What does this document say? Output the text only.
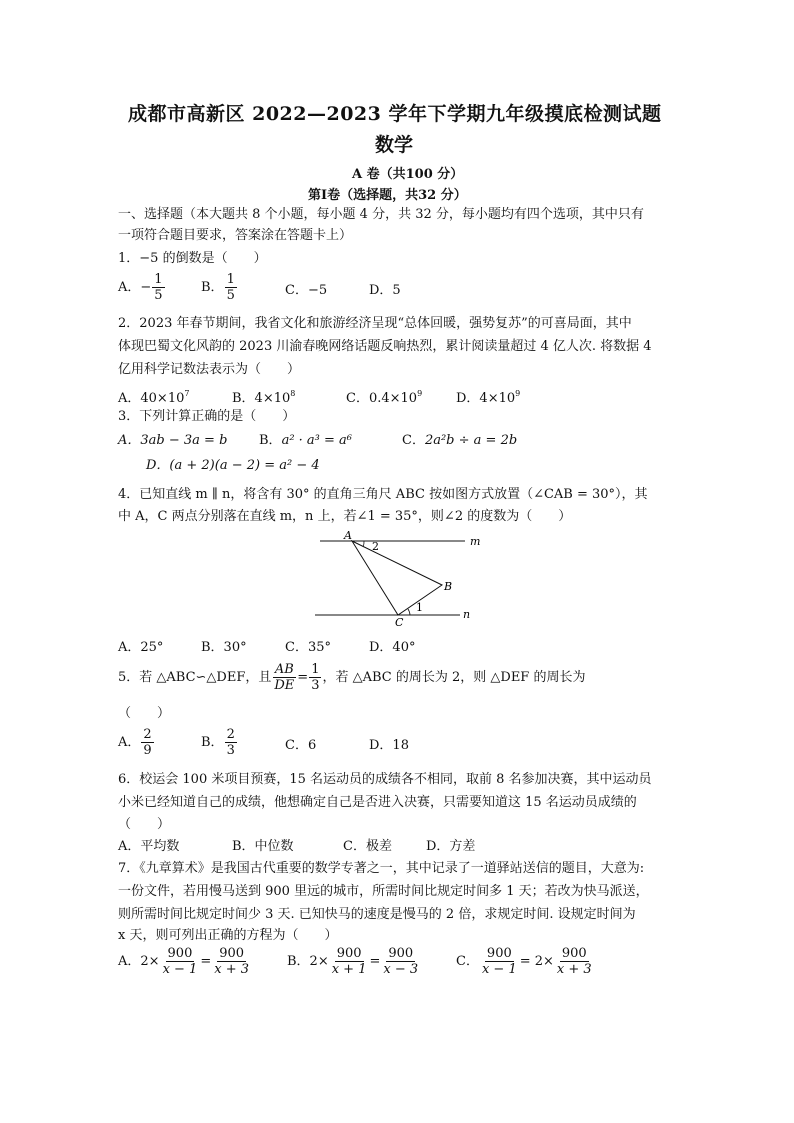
成都市高新区 2022—2023 学年下学期九年级摸底检测试题
数学
A 卷（共100 分）
第Ⅰ卷（选择题，共32 分）
一、选择题（本大题共 8 个小题，每小题 4 分，共 32 分，每小题均有四个选项，其中只有
一项符合题目要求，答案涂在答题卡上）
1．−5 的倒数是（　　）
A．− $\frac{1}{5}$	B． $\frac{1}{5}$	C．−5	D．5
2．2023 年春节期间，我省文化和旅游经济呈现“总体回暖，强势复苏”的可喜局面，其中
体现巴蜀文化风韵的 2023 川渝春晚网络话题反响热烈，累计阅读量超过 4 亿人次. 将数据 4
亿用科学记数法表示为（　　）
A．$40\times 10^7$	B．$4\times 10^8$	C．$0.4\times 10^9$	D．$4\times 10^9$
3．下列计算正确的是（　　）
A．3ab − 3a = b B．a² · a³ = a⁶	C．2a²b ÷ a = 2b
D．(a + 2)(a − 2) = a² − 4
4．已知直线 m ∥ n，将含有 30° 的直角三角尺 ABC 按如图方式放置（∠CAB = 30°），其
中 A，C 两点分别落在直线 m，n 上，若∠1 = 35°，则∠2 的度数为（　　）
A
B
C
m
n
2
1
A．25°	B．30°	C．35°	D．40°
5．若 △ABC∽△DEF，且 $\frac{AB}{DE} = \frac{1}{3}$ ，若 △ABC 的周长为 2，则 △DEF 的周长为
（　　）
A． $\frac{2}{9}$	B． $\frac{2}{3}$	C．6	D．18
6．校运会 100 米项目预赛，15 名运动员的成绩各不相同，取前 8 名参加决赛，其中运动员
小米已经知道自己的成绩，他想确定自己是否进入决赛，只需要知道这 15 名运动员成绩的
（　　）
A．平均数	B．中位数	C．极差	D．方差
7．《九章算术》是我国古代重要的数学专著之一，其中记录了一道驿站送信的题目，大意为:
一份文件，若用慢马送到 900 里远的城市，所需时间比规定时间多 1 天；若改为快马派送，
则所需时间比规定时间少 3 天. 已知快马的速度是慢马的 2 倍，求规定时间. 设规定时间为
x 天，则可列出正确的方程为（　　）
A．$2\times \frac{900}{x - 1} = \frac{900}{x + 3}$	B．$2\times \frac{900}{x + 1} = \frac{900}{x - 3}$	C． $\frac{900}{x - 1} = 2\times \frac{900}{x + 3}$
